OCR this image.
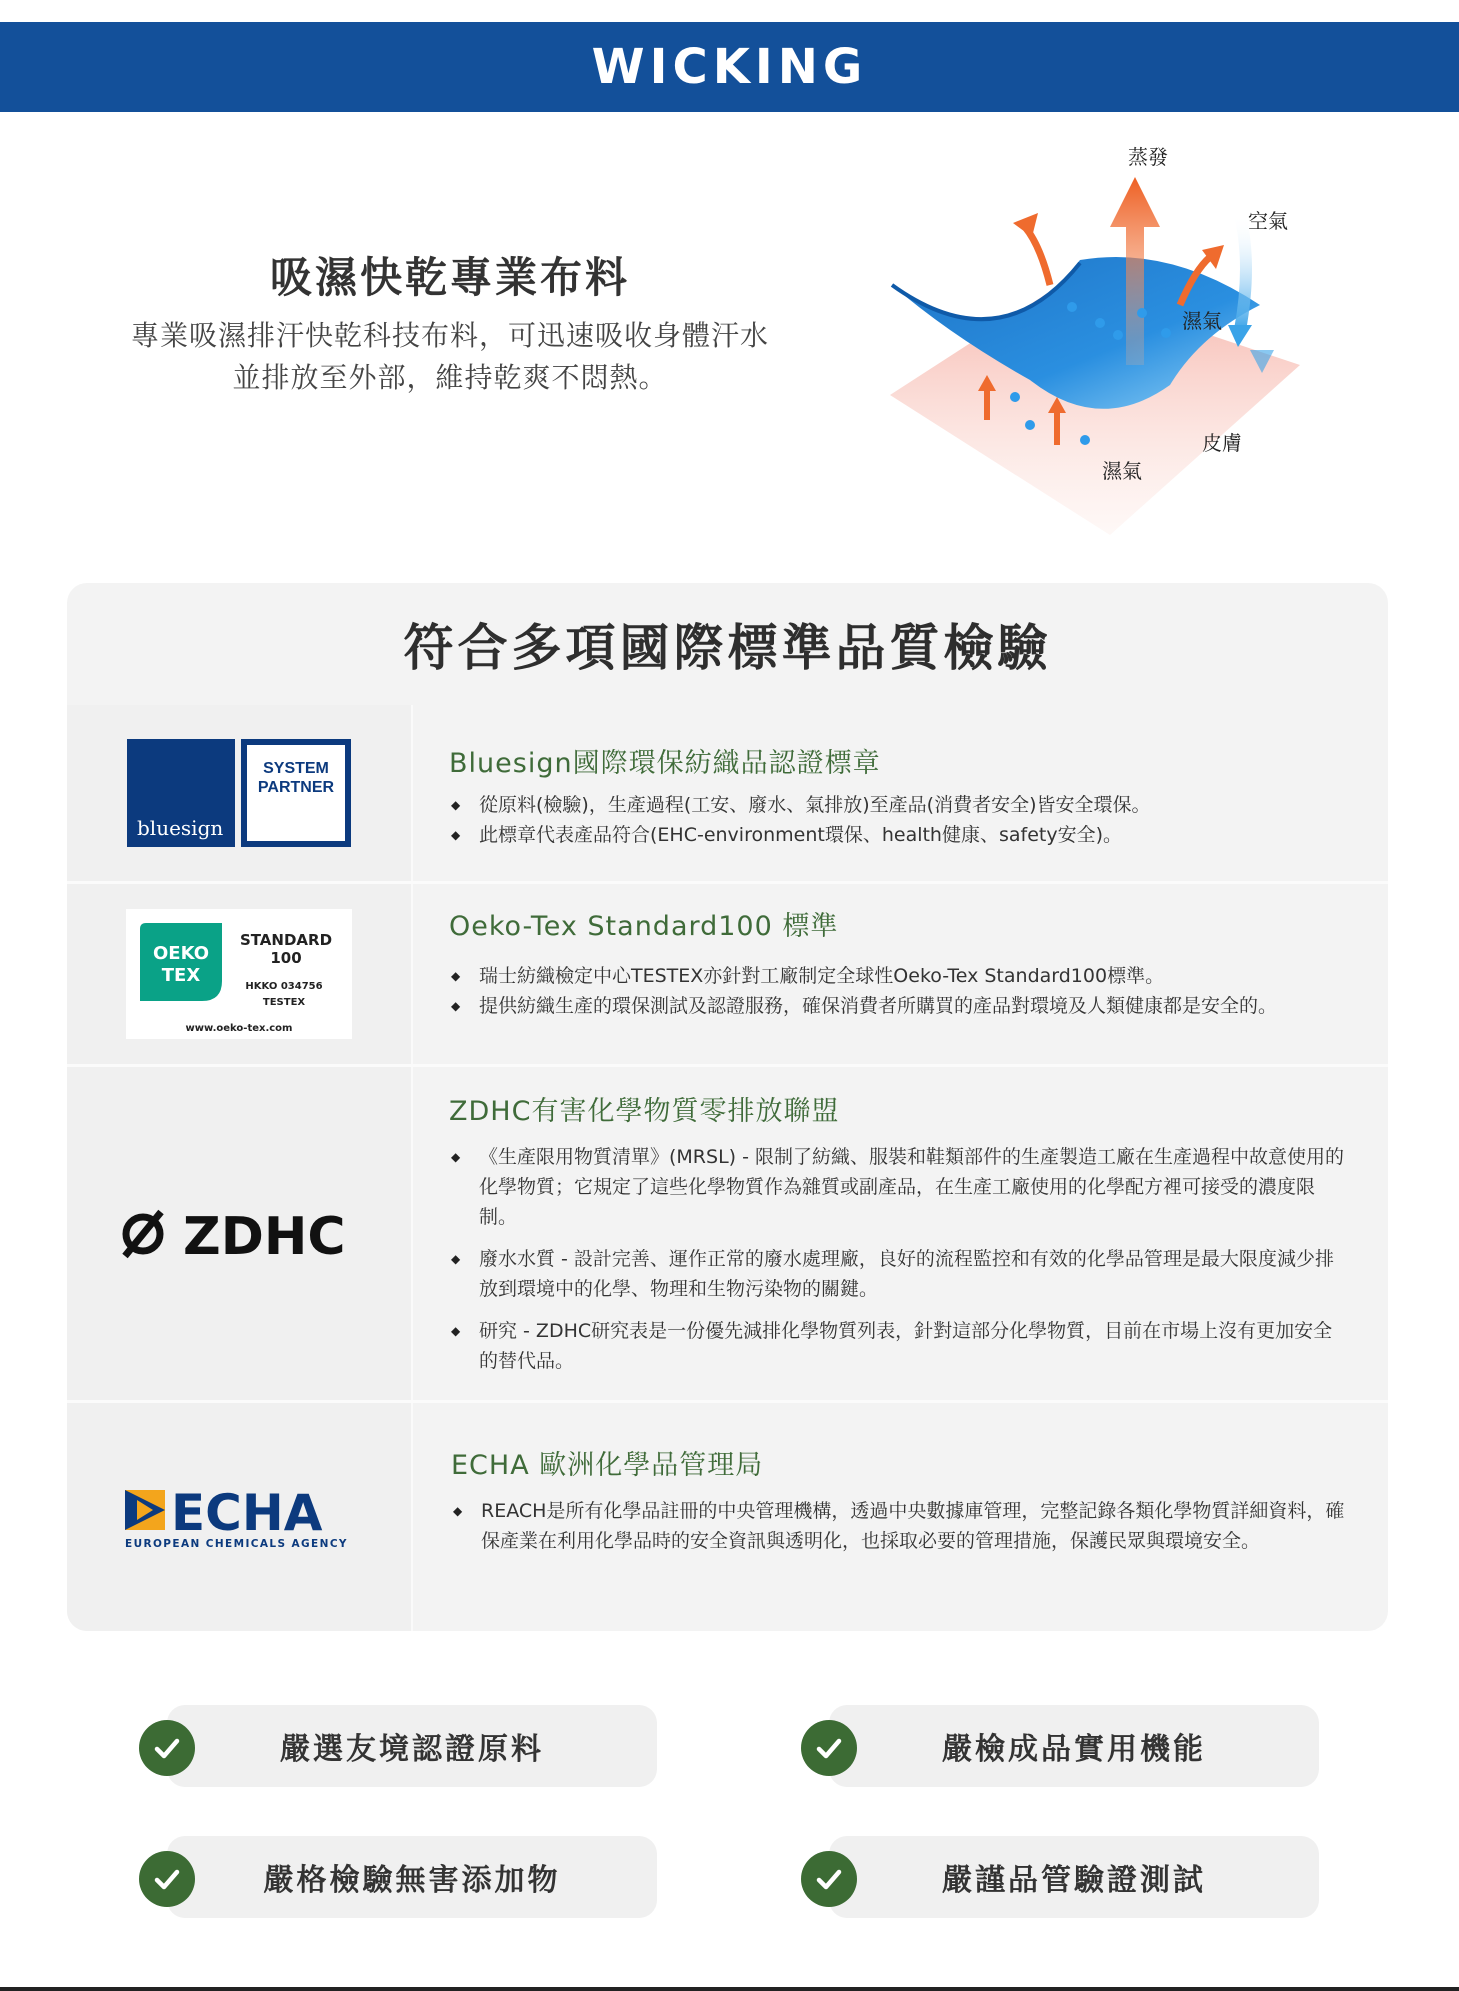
WICKING
吸濕快乾專業布料
專業吸濕排汗快乾科技布料，可迅速吸收身體汗水
並排放至外部，維持乾爽不悶熱。
蒸發
空氣
濕氣
皮膚
濕氣
符合多項國際標準品質檢驗
bluesign
SYSTEM
PARTNER
Bluesign國際環保紡織品認證標章
◆ 從原料(檢驗)，生產過程(工安、廢水、氣排放)至產品(消費者安全)皆安全環保。
◆ 此標章代表產品符合(EHC-environment環保、health健康、safety安全)。
OEKO
TEX
STANDARD
100
HKKO 034756
TESTEX
www.oeko-tex.com
Oeko-Tex Standard100 標準
◆ 瑞士紡織檢定中心TESTEX亦針對工廠制定全球性Oeko-Tex Standard100標準。
◆ 提供紡織生產的環保測試及認證服務，確保消費者所購買的產品對環境及人類健康都是安全的。
ZDHC
ZDHC有害化學物質零排放聯盟
◆ 《生產限用物質清單》(MRSL) - 限制了紡織、服裝和鞋類部件的生產製造工廠在生產過程中故意使用的化學物質；它規定了這些化學物質作為雜質或副產品，在生產工廠使用的化學配方裡可接受的濃度限制。
◆ 廢水水質 - 設計完善、運作正常的廢水處理廠，良好的流程監控和有效的化學品管理是最大限度減少排放到環境中的化學、物理和生物污染物的關鍵。
◆ 研究 - ZDHC研究表是一份優先減排化學物質列表，針對這部分化學物質，目前在市場上沒有更加安全的替代品。
ECHA
EUROPEAN CHEMICALS AGENCY
ECHA 歐洲化學品管理局
◆ REACH是所有化學品註冊的中央管理機構，透過中央數據庫管理，完整記錄各類化學物質詳細資料，確保產業在利用化學品時的安全資訊與透明化，也採取必要的管理措施，保護民眾與環境安全。
嚴選友境認證原料	嚴檢成品實用機能
嚴格檢驗無害添加物	嚴謹品管驗證測試
